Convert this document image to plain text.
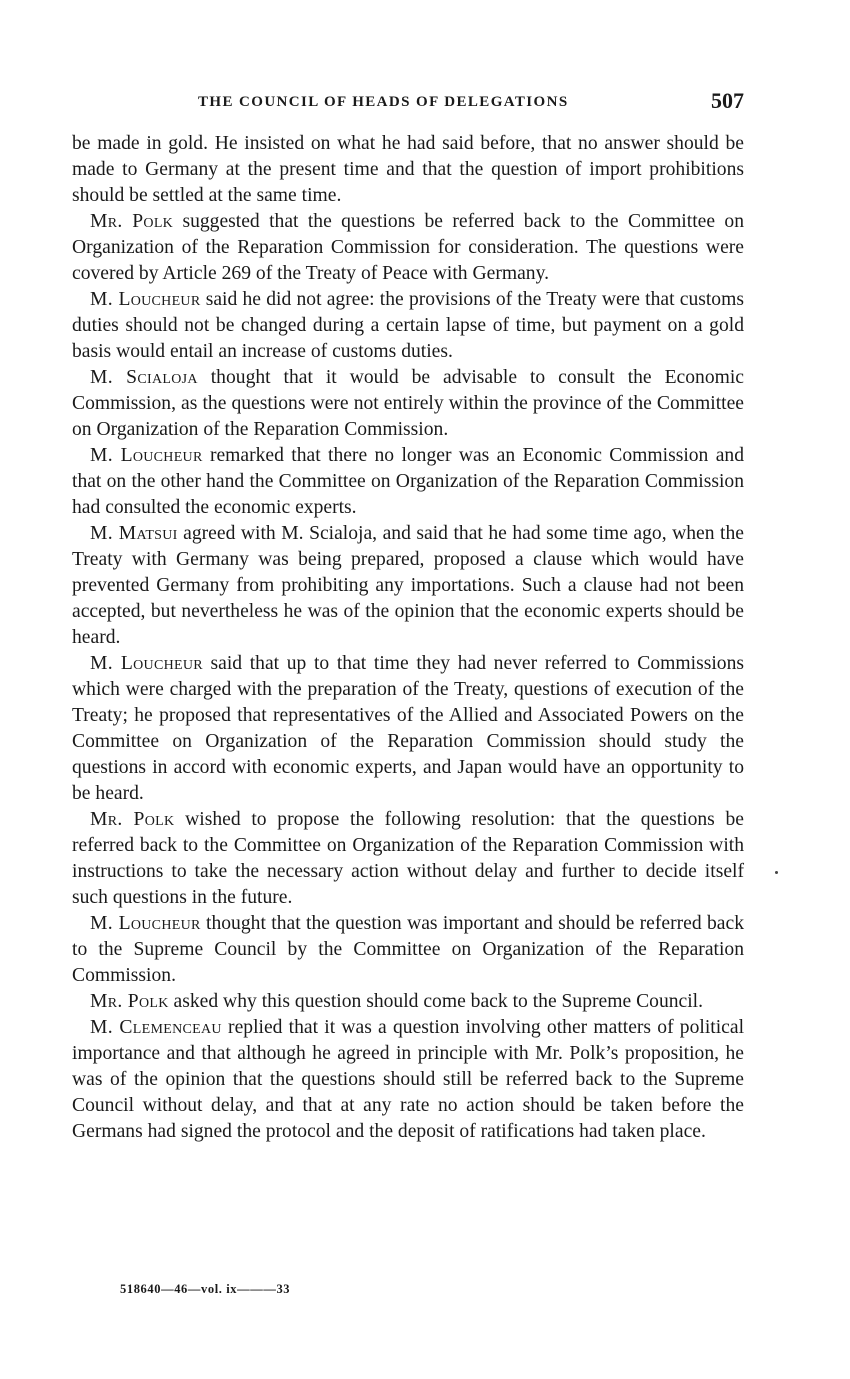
THE COUNCIL OF HEADS OF DELEGATIONS	507

be made in gold. He insisted on what he had said before, that no answer should be made to Germany at the present time and that the question of import prohibitions should be settled at the same time.

Mr. Polk suggested that the questions be referred back to the Committee on Organization of the Reparation Commission for consideration. The questions were covered by Article 269 of the Treaty of Peace with Germany.

M. Loucheur said he did not agree: the provisions of the Treaty were that customs duties should not be changed during a certain lapse of time, but payment on a gold basis would entail an increase of customs duties.

M. Scialoja thought that it would be advisable to consult the Economic Commission, as the questions were not entirely within the province of the Committee on Organization of the Reparation Commission.

M. Loucheur remarked that there no longer was an Economic Commission and that on the other hand the Committee on Organization of the Reparation Commission had consulted the economic experts.

M. Matsui agreed with M. Scialoja, and said that he had some time ago, when the Treaty with Germany was being prepared, proposed a clause which would have prevented Germany from prohibiting any importations. Such a clause had not been accepted, but nevertheless he was of the opinion that the economic experts should be heard.

M. Loucheur said that up to that time they had never referred to Commissions which were charged with the preparation of the Treaty, questions of execution of the Treaty; he proposed that representatives of the Allied and Associated Powers on the Committee on Organization of the Reparation Commission should study the questions in accord with economic experts, and Japan would have an opportunity to be heard.

Mr. Polk wished to propose the following resolution: that the questions be referred back to the Committee on Organization of the Reparation Commission with instructions to take the necessary action without delay and further to decide itself such questions in the future.

M. Loucheur thought that the question was important and should be referred back to the Supreme Council by the Committee on Organization of the Reparation Commission.

Mr. Polk asked why this question should come back to the Supreme Council.

M. Clemenceau replied that it was a question involving other matters of political importance and that although he agreed in principle with Mr. Polk’s proposition, he was of the opinion that the questions should still be referred back to the Supreme Council without delay, and that at any rate no action should be taken before the Germans had signed the protocol and the deposit of ratifications had taken place.

518640—46—vol. ix———33
